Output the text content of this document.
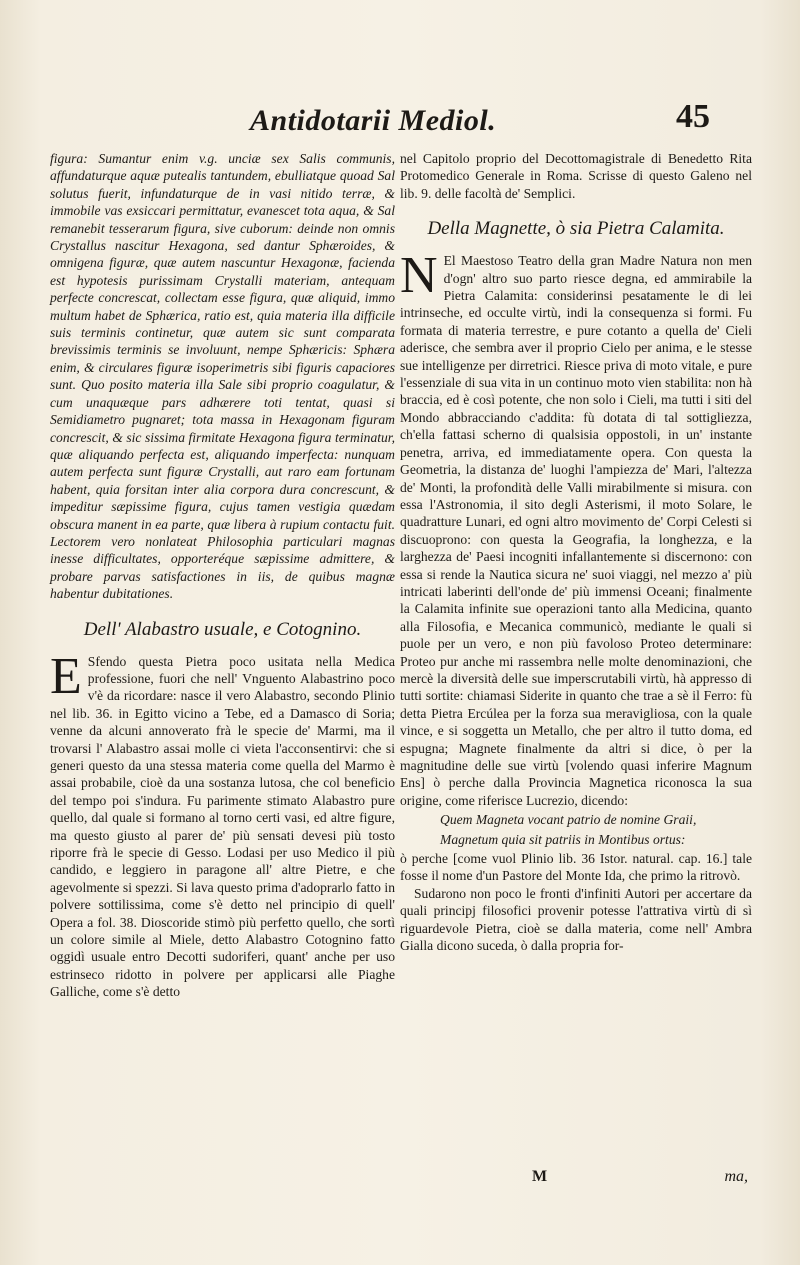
Antidotarii Mediol.	45

figura: Sumantur enim v.g. unciæ sex Salis communis, affundaturque aquæ putealis tantundem, ebulliatque quoad Sal solutus fuerit, infundaturque de in vasi nitido terræ, & immobile vas exsiccari permittatur, evanescet tota aqua, & Sal remanebit tesserarum figura, sive cuborum: deinde non omnis Crystallus nascitur Hexagona, sed dantur Sphæroides, & omnigena figuræ, quæ autem nascuntur Hexagonæ, facienda est hypotesis purissimam Crystalli materiam, antequam perfecte concrescat, collectam esse figura, quæ aliquid, immo multum habet de Sphærica, ratio est, quia materia illa difficile suis terminis continetur, quæ autem sic sunt comparata brevissimis terminis se involuunt, nempe Sphæricis: Sphæra enim, & circulares figuræ isoperimetris sibi figuris capaciores sunt. Quo posito materia illa Sale sibi proprio coagulatur, & cum unaquæque pars adhærere toti tentat, quasi si Semidiametro pugnaret; tota massa in Hexagonam figuram concrescit, & sic sissima firmitate Hexagona figura terminatur, quæ aliquando perfecta est, aliquando imperfecta: nunquam autem perfecta sunt figuræ Crystalli, aut raro eam fortunam habent, quia forsitan inter alia corpora dura concrescunt, & impeditur sæpissime figura, cujus tamen vestigia quædam obscura manent in ea parte, quæ libera à rupium contactu fuit. Lectorem vero nonlateat Philosophia particulari magnas inesse difficultates, opporteréque sæpissime admittere, & probare parvas satisfactiones in iis, de quibus magnæ habentur dubitationes.

Dell' Alabastro usuale, e Cotognino.

E Sfendo questa Pietra poco usitata nella Medica professione, fuori che nell' Vnguento Alabastrino poco v'è da ricordare: nasce il vero Alabastro, secondo Plinio nel lib. 36. in Egitto vicino a Tebe, ed a Damasco di Soria; venne da alcuni annoverato frà le specie de' Marmi, ma il trovarsi l' Alabastro assai molle ci vieta l'acconsentirvi: che si generi questo da una stessa materia come quella del Marmo è assai probabile, cioè da una sostanza lutosa, che col beneficio del tempo poi s'indura. Fu parimente stimato Alabastro pure quello, dal quale si formano al torno certi vasi, ed altre figure, ma questo giusto al parer de' più sensati devesi più tosto riporre frà le specie di Gesso. Lodasi per uso Medico il più candido, e leggiero in paragone all' altre Pietre, e che agevolmente si spezzi. Si lava questo prima d'adoprarlo fatto in polvere sottilissima, come s'è detto nel principio di quell' Opera a fol. 38. Dioscoride stimò più perfetto quello, che sortì un colore simile al Miele, detto Alabastro Cotognino fatto oggidì usuale entro Decotti sudoriferi, quant' anche per uso estrinseco ridotto in polvere per applicarsi alle Piaghe Galliche, come s'è detto

nel Capitolo proprio del Decottomagistrale di Benedetto Rita Protomedico Generale in Roma. Scrisse di questo Galeno nel lib. 9. delle facoltà de' Semplici.

Della Magnette, ò sia Pietra Calamita.

N El Maestoso Teatro della gran Madre Natura non men d'ogn' altro suo parto riesce degna, ed ammirabile la Pietra Calamita: considerinsi pesatamente le di lei intrinseche, ed occulte virtù, indi la consequenza si formi. Fu formata di materia terrestre, e pure cotanto a quella de' Cieli aderisce, che sembra aver il proprio Cielo per anima, e le stesse sue intelligenze per dirretrici. Riesce priva di moto vitale, e pure l'essenziale di sua vita in un continuo moto vien stabilita: non hà braccia, ed è così potente, che non solo i Cieli, ma tutti i siti del Mondo abbracciando c'addita: fù dotata di tal sottigliezza, ch'ella fattasi scherno di qualsisia oppostoli, in un' instante penetra, arriva, ed immediatamente opera. Con questa la Geometria, la distanza de' luoghi l'ampiezza de' Mari, l'altezza de' Monti, la profondità delle Valli mirabilmente si misura. con essa l'Astronomia, il sito degli Asterismi, il moto Solare, le quadratture Lunari, ed ogni altro movimento de' Corpi Celesti si discuoprono: con questa la Geografia, la longhezza, e la larghezza de' Paesi incogniti infallantemente si discernono: con essa si rende la Nautica sicura ne' suoi viaggi, nel mezzo a' più intricati laberinti dell'onde de' più immensi Oceani; finalmente la Calamita infinite sue operazioni tanto alla Medicina, quanto alla Filosofia, e Mecanica communicò, mediante le quali si puole per un vero, e non più favoloso Proteo determinare: Proteo pur anche mi rassembra nelle molte denominazioni, che mercè la diversità delle sue imperscrutabili virtù, hà appresso di tutti sortite: chiamasi Siderite in quanto che trae a sè il Ferro: fù detta Pietra Ercúlea per la forza sua meravigliosa, con la quale vince, e si soggetta un Metallo, che per altro il tutto doma, ed espugna; Magnete finalmente da altri si dice, ò per la magnitudine delle sue virtù [volendo quasi inferire Magnum Ens] ò perche dalla Provincia Magnetica riconosca la sua origine, come riferisce Lucrezio, dicendo:

Quem Magneta vocant patrio de nomine Graii,

Magnetum quia sit patriis in Montibus ortus:

ò perche [come vuol Plinio lib. 36 Istor. natural. cap. 16.] tale fosse il nome d'un Pastore del Monte Ida, che primo la ritrovò.

Sudarono non poco le fronti d'infiniti Autori per accertare da quali principj filosofici provenir potesse l'attrativa virtù di sì riguardevole Pietra, cioè se dalla materia, come nell' Ambra Gialla dicono suceda, ò dalla propria for-

M	ma,
